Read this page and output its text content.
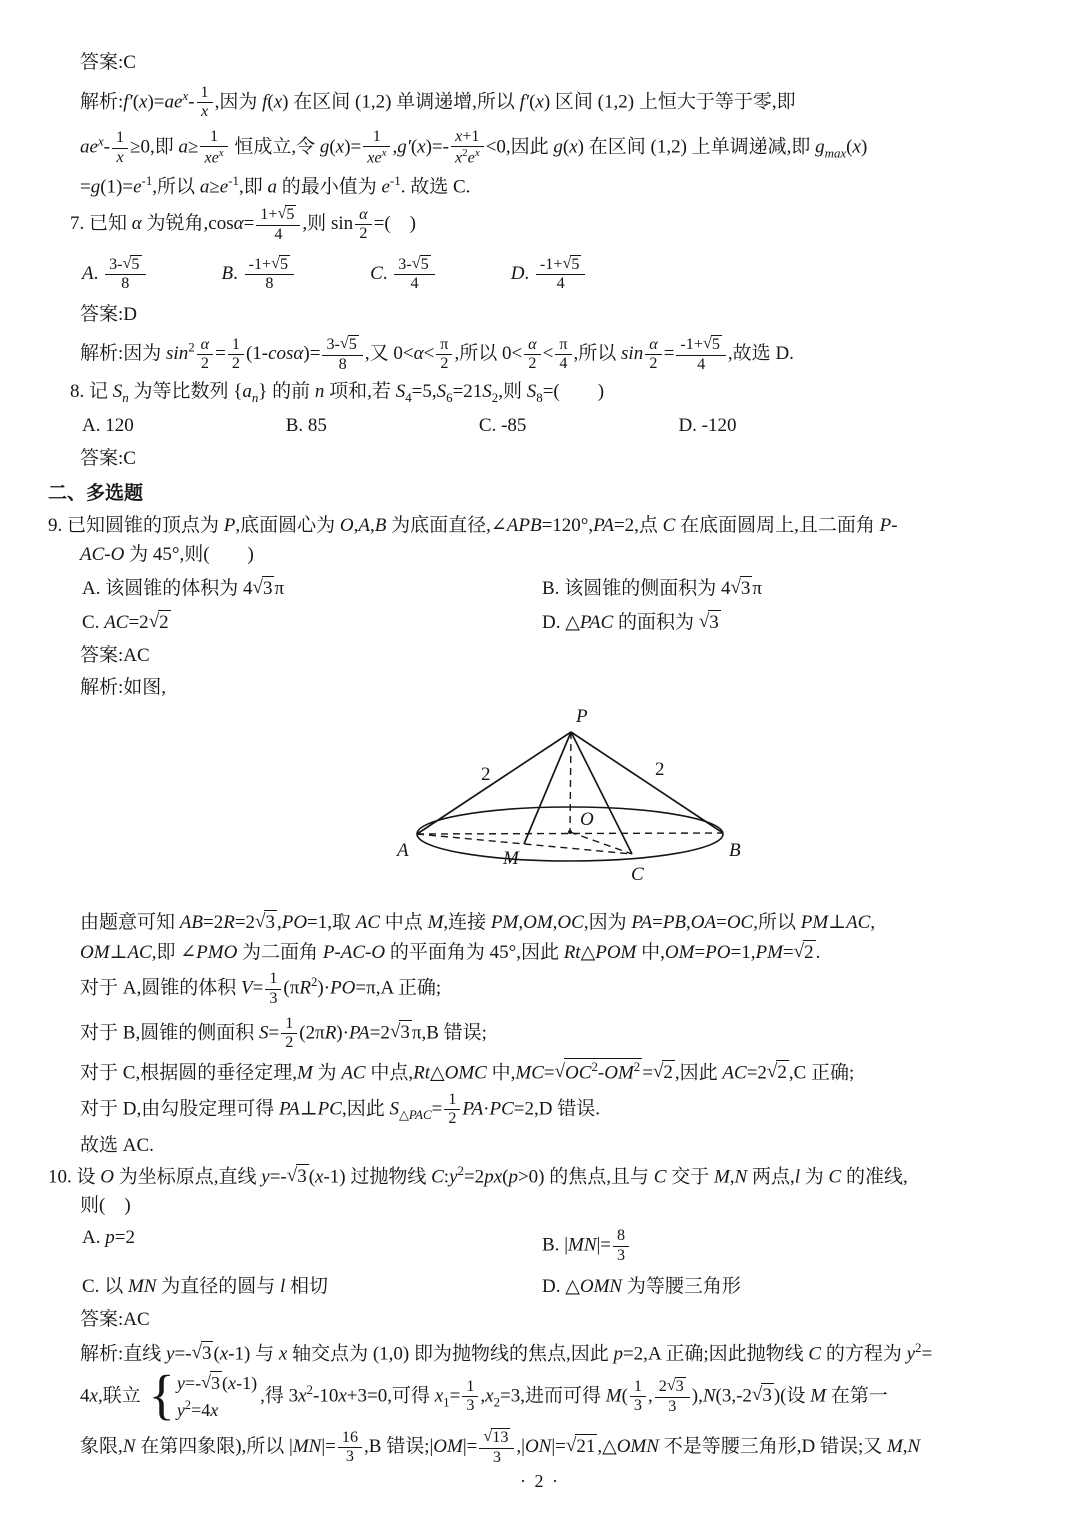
答案:C
解析$:f'(x)=ae^x- \frac{1}{x}$ ,因为 f(x) 在区间 (1,2) 单调递增,所以 f′(x) 区间 (1,2) 上恒大于等于零,即
$ae^x- \frac{1}{x} \ge 0$,即 a≥
1
$xe^x$ 恒成立,令 g(x)=
1
$xe^x$ $,g'(x)=- \frac{x+1}{x^2e^x} <0$,因此 g(x) 在区间 (1,2) 上单调递减,即 $g_{max}(x)$
$=g(1)=e^{-1}$,所以 $a\ge e^{-1}$,即 a 的最小值为 $e^{-1}$. 故选 C.
7. 已知 α 为锐角$,\cos\alpha= \frac{1+√5}{4}$ ,则 $\sin \frac{\alpha}{2}$ =(  )
A. $\frac{3-√5}{8}$	B. $\frac{-1+√5}{8}$	C. $\frac{3-√5}{4}$	D. $\frac{-1+√5}{4}$
答案:D
解析:因为 $\sin^2 \frac{\alpha}{2} = \frac{1}{2} (1-\cos\alpha)= \frac{3-√5}{8}$ ,又 $0<\alpha< \frac{\pi}{2}$ ,所以 $0< \frac{\alpha}{2} < \frac{\pi}{4}$ ,所以 $\sin \frac{\alpha}{2} = \frac{-1+√5}{4}$ ,故选 D.
8. 记 $S_n$ 为等比数列 $\{a_n\}$ 的前 n 项和,若 $S_4=5,S_6=21S_2$,则 $S_8=$(  )
A. 120	B. 85	C. -85	D. -120
答案:C
二、多选题
9. 已知圆锥的顶点为 P,底面圆心为 O,A,B 为底面直径,∠APB=120°,PA=2,点 C 在底面圆周上,且二面角 P-
AC-O 为 45°,则(  )
A. 该圆锥的体积为 4√3 π	B. 该圆锥的侧面积为 4√3 π
C. AC=2√2	D. △PAC 的面积为 √3
答案:AC
解析:如图,
P
O
A	B
C
M
2	2
由题意可知 AB=2R=2√3 ,PO=1,取 AC 中点 M,连接 PM,OM,OC,因为 PA=PB,OA=OC,所以 PM⊥AC,
OM⊥AC,即 ∠PMO 为二面角 P-AC-O 的平面角为 45°,因此 Rt△POM 中,OM=PO=1,PM=√2 .
对于 A,圆锥的体积 $V= \frac{1}{3} (\pi R^2)\cdot PO=\pi,A$ 正确;
对于 B,圆锥的侧面积 $S= \frac{1}{2} (2\pi R)\cdot PA=2√3$ π,B 错误;
对于 C,根据圆的垂径定理,M 为 AC 中点,Rt△OMC 中$,MC=√OC^2-OM^2 =√2$ ,因此 AC=2√2 ,C 正确;
对于 D,由勾股定理可得 PA⊥PC,因此 $S_{\triangle PAC}= \frac{1}{2} PA\cdot PC=2,D$ 错误.
故选 AC.
10. 设 O 为坐标原点,直线 y=-√3 (x-1) 过抛物线 $C:y^2=2px(p>0)$ 的焦点,且与 C 交于 M,N 两点,l 为 C 的准线,
则(  )
A. p=2	B. $|MN|= \frac{8}{3}$
C. 以 MN 为直径的圆与 l 相切	D. △OMN 为等腰三角形
答案:AC
解析:直线 y=-√3 (x-1) 与 x 轴交点为 (1,0) 即为抛物线的焦点,因此 p=2,A 正确;因此抛物线 C 的方程为 $y^2=$
4x,联立 { y=-√3 (x-1)
$y^2=4x$
,得 $3x^2-10x+3=0$,可得 $x_1= \frac{1}{3} ,x_2=3$,进而可得 $M( \frac{1}{3}$ , $\frac{2√3}{3} ),N(3,-2√3$ )(设 M 在第一
象限,N 在第四象限),所以 $|MN|= \frac{16}{3} ,B$ 错误;|OM|= $\frac{√13}{3} ,|ON|=√21$ ,△OMN 不是等腰三角形,D 错误;又 M,N
· 2 ·
